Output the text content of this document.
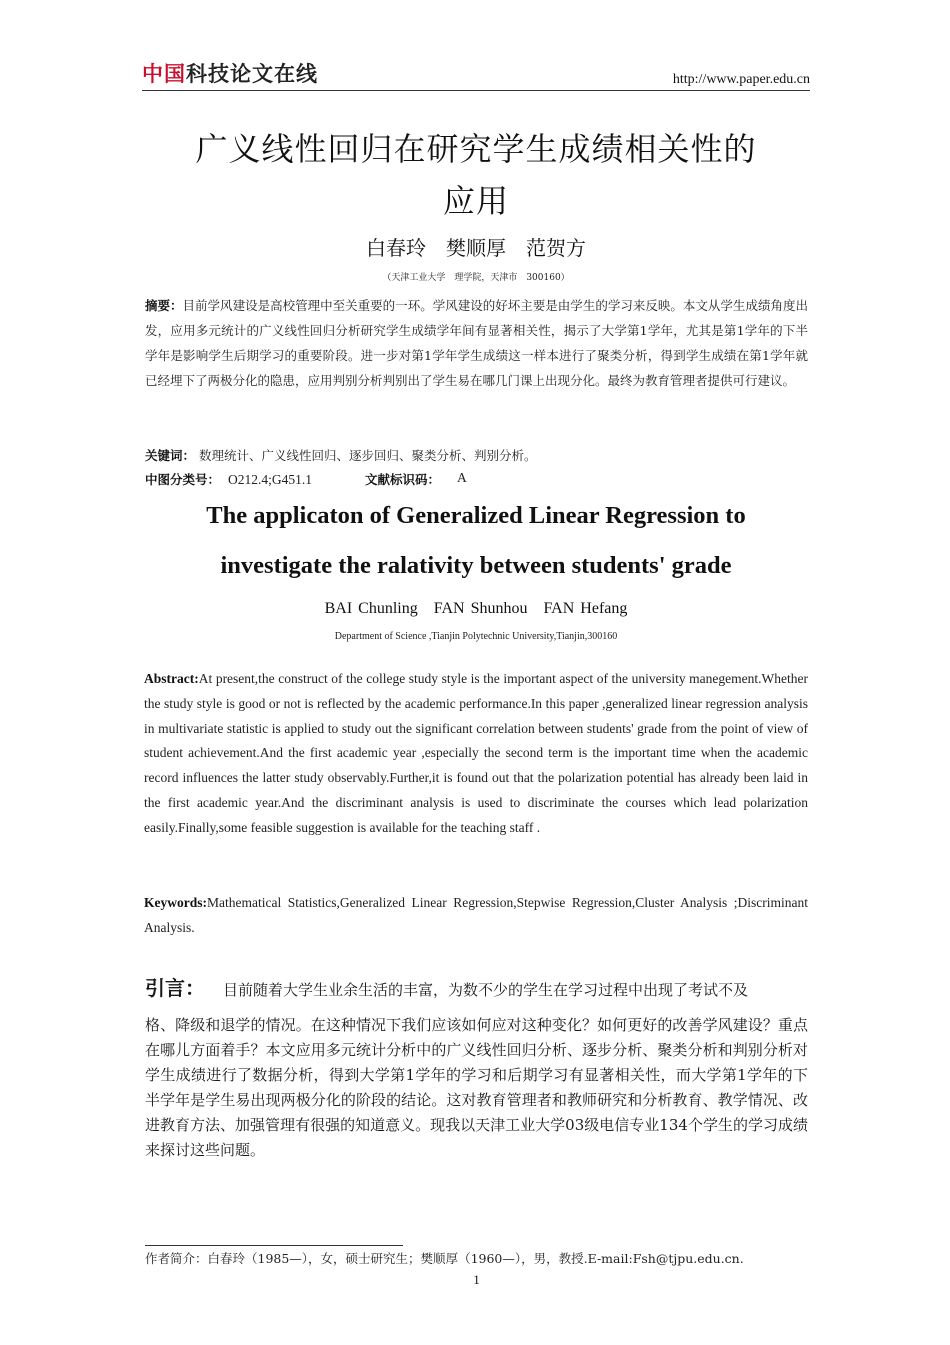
中国 科技论文在线	http://www.paper.edu.cn
广义线性回归在研究学生成绩相关性的
应用
白春玲　樊顺厚　范贺方
（天津工业大学　理学院，天津市　300160）
摘要：目前学风建设是高校管理中至关重要的一环。学风建设的好坏主要是由学生的学习来反映。本文从学生成绩角度出发，应用多元统计的广义线性回归分析研究学生成绩学年间有显著相关性，揭示了大学第1学年，尤其是第1学年的下半学年是影响学生后期学习的重要阶段。进一步对第1学年学生成绩这一样本进行了聚类分析，得到学生成绩在第1学年就已经埋下了两极分化的隐患，应用判别分析判别出了学生易在哪几门课上出现分化。最终为教育管理者提供可行建议。
关键词： 数理统计、广义线性回归、逐步回归、聚类分析、判别分析。
中图分类号： O212.4;G451.1	文献标识码： A
The applicaton of Generalized Linear Regression to
investigate the ralativity between students' grade
BAI Chunling　FAN Shunhou　FAN Hefang
Department of Science ,Tianjin Polytechnic University,Tianjin,300160
Abstract:At present,the construct of the college study style is the important aspect of the university manegement.Whether the study style is good or not is reflected by the academic performance.In this paper ,generalized linear regression analysis in multivariate statistic is applied to study out the significant correlation between students' grade from the point of view of student achievement.And the first academic year ,especially the second term is the important time when the academic record influences the latter study observably.Further,it is found out that the polarization potential has already been laid in the first academic year.And the discriminant analysis is used to discriminate the courses which lead polarization easily.Finally,some feasible suggestion is available for the teaching staff .
Keywords:Mathematical Statistics,Generalized Linear Regression,Stepwise Regression,Cluster Analysis ;Discriminant Analysis.
引言： 目前随着大学生业余生活的丰富，为数不少的学生在学习过程中出现了考试不及
格、降级和退学的情况。在这种情况下我们应该如何应对这种变化？如何更好的改善学风建设？重点在哪儿方面着手？本文应用多元统计分析中的广义线性回归分析、逐步分析、聚类分析和判别分析对学生成绩进行了数据分析，得到大学第1学年的学习和后期学习有显著相关性，而大学第1学年的下半学年是学生易出现两极分化的阶段的结论。这对教育管理者和教师研究和分析教育、教学情况、改进教育方法、加强管理有很强的知道意义。现我以天津工业大学03级电信专业134个学生的学习成绩来探讨这些问题。
作者简介：白春玲（1985—），女，硕士研究生；樊顺厚（1960—），男，教授.E-mail:Fsh@tjpu.edu.cn.
1
